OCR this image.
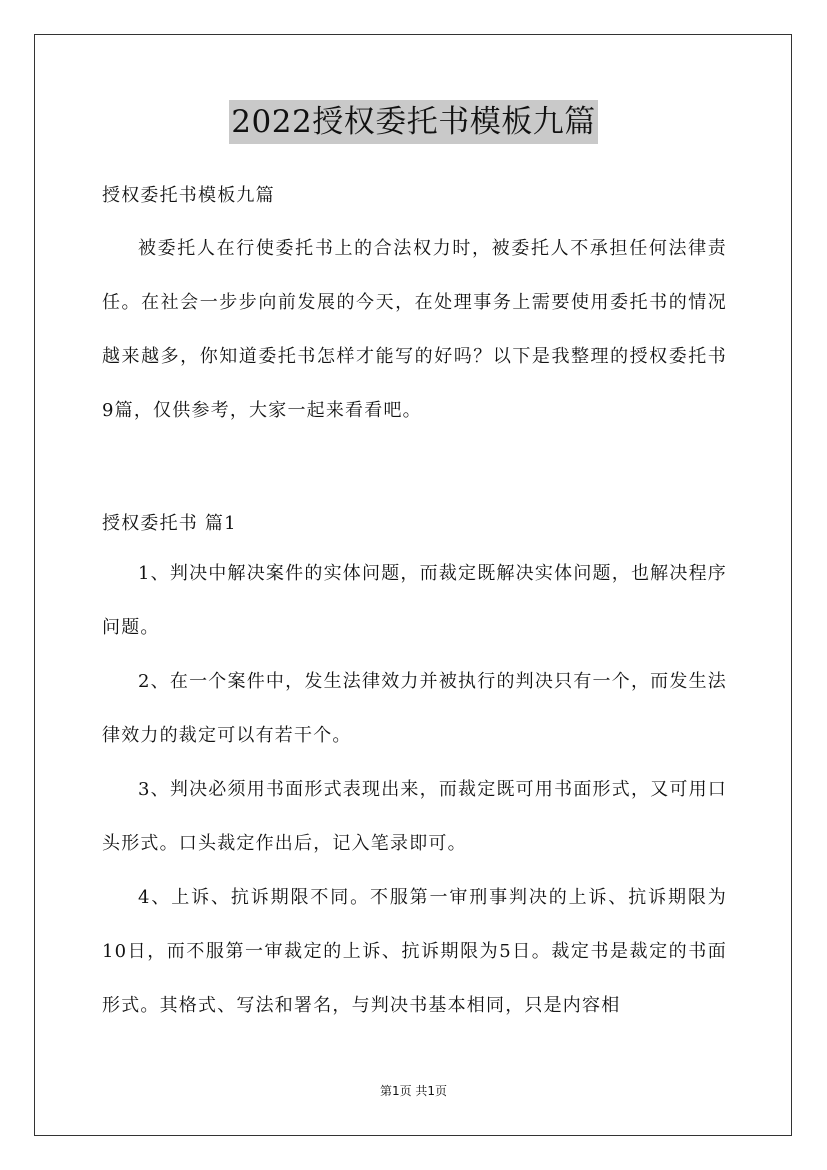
2022授权委托书模板九篇
授权委托书模板九篇
被委托人在行使委托书上的合法权力时，被委托人不承担任何法律责任。在社会一步步向前发展的今天，在处理事务上需要使用委托书的情况越来越多，你知道委托书怎样才能写的好吗？以下是我整理的授权委托书9篇，仅供参考，大家一起来看看吧。
授权委托书 篇1
1、判决中解决案件的实体问题，而裁定既解决实体问题，也解决程序问题。
2、在一个案件中，发生法律效力并被执行的判决只有一个，而发生法律效力的裁定可以有若干个。
3、判决必须用书面形式表现出来，而裁定既可用书面形式，又可用口头形式。口头裁定作出后，记入笔录即可。
4、上诉、抗诉期限不同。不服第一审刑事判决的上诉、抗诉期限为10日，而不服第一审裁定的上诉、抗诉期限为5日。裁定书是裁定的书面形式。其格式、写法和署名，与判决书基本相同，只是内容相
第1页 共1页
